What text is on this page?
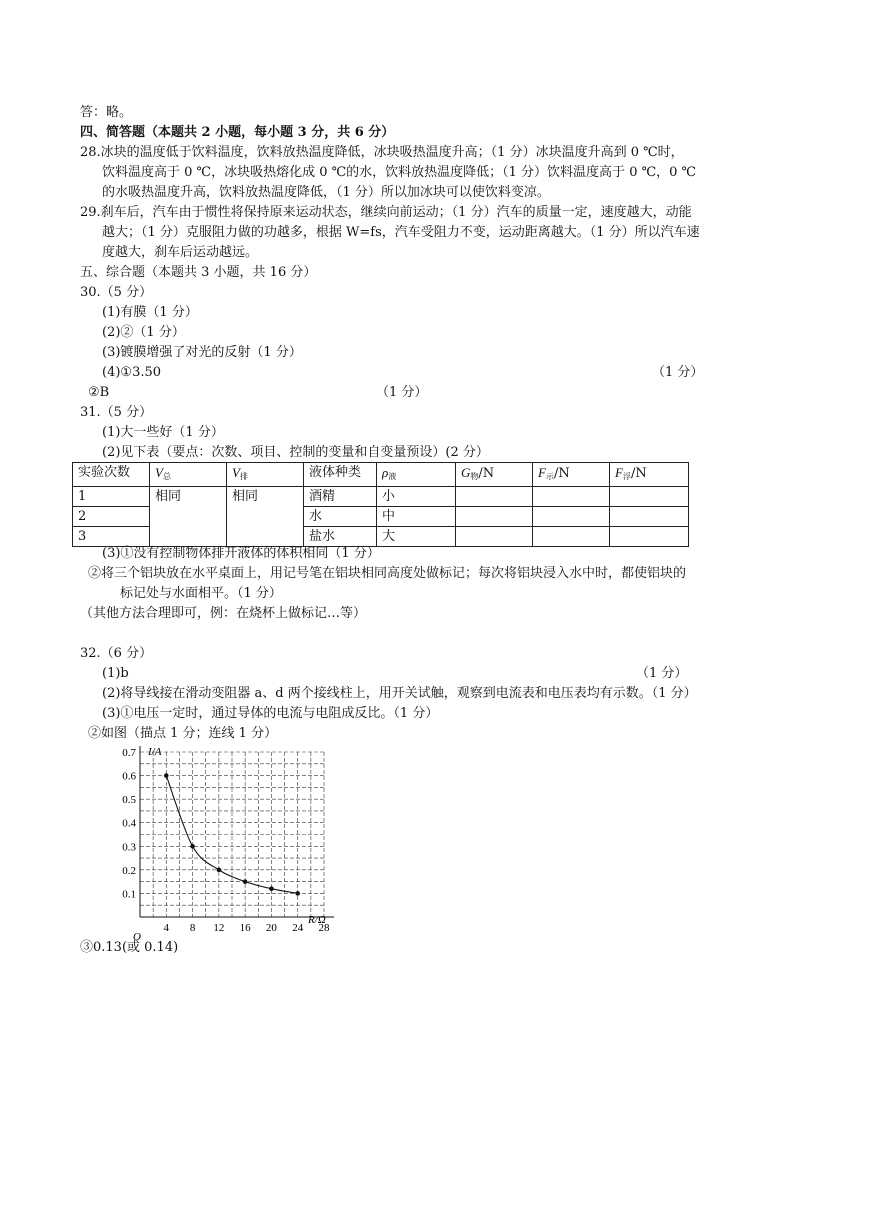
答：略。
四、简答题（本题共 2 小题，每小题 3 分，共 6 分）
28.冰块的温度低于饮料温度，饮料放热温度降低，冰块吸热温度升高；（1 分）冰块温度升高到 0 ℃时，
饮料温度高于 0 ℃，冰块吸热熔化成 0 ℃的水，饮料放热温度降低；（1 分）饮料温度高于 0 ℃，0 ℃
的水吸热温度升高，饮料放热温度降低，（1 分）所以加冰块可以使饮料变凉。
29.刹车后，汽车由于惯性将保持原来运动状态，继续向前运动；（1 分）汽车的质量一定，速度越大，动能
越大；（1 分）克服阻力做的功越多，根据 W=fs，汽车受阻力不变，运动距离越大。（1 分）所以汽车速
度越大，刹车后运动越远。
五、综合题（本题共 3 小题，共 16 分）
30.（5 分）
(1)有膜（1 分）
(2)②（1 分）
(3)镀膜增强了对光的反射（1 分）
(4)①3.50	（1 分）
②B	（1 分）
31.（5 分）
(1)大一些好（1 分）
(2)见下表（要点：次数、项目、控制的变量和自变量预设）(2 分）
实验次数	$V_总$	$V_排$	液体种类	$\rho_液$	$G_物/N$	$F_示/N$	$F_浮/N$
1	相同	相同	酒精	小			
2			水	中			
3			盐水	大			
(3)①没有控制物体排开液体的体积相同（1 分）
②将三个铝块放在水平桌面上，用记号笔在铝块相同高度处做标记；每次将铝块浸入水中时，都使铝块的
标记处与水面相平。（1 分）
（其他方法合理即可，例：在烧杯上做标记…等）
32.（6 分）
(1)b	（1 分）
(2)将导线接在滑动变阻器 a、d 两个接线柱上，用开关试触，观察到电流表和电压表均有示数。（1 分）
(3)①电压一定时，通过导体的电流与电阻成反比。（1 分）
②如图（描点 1 分；连线 1 分）
4 8 12 16 20 24 28
0.1
0.2
0.3
0.4
0.5
0.6
0.7 I/A
R/Ω
O
③0.13(或 0.14)
